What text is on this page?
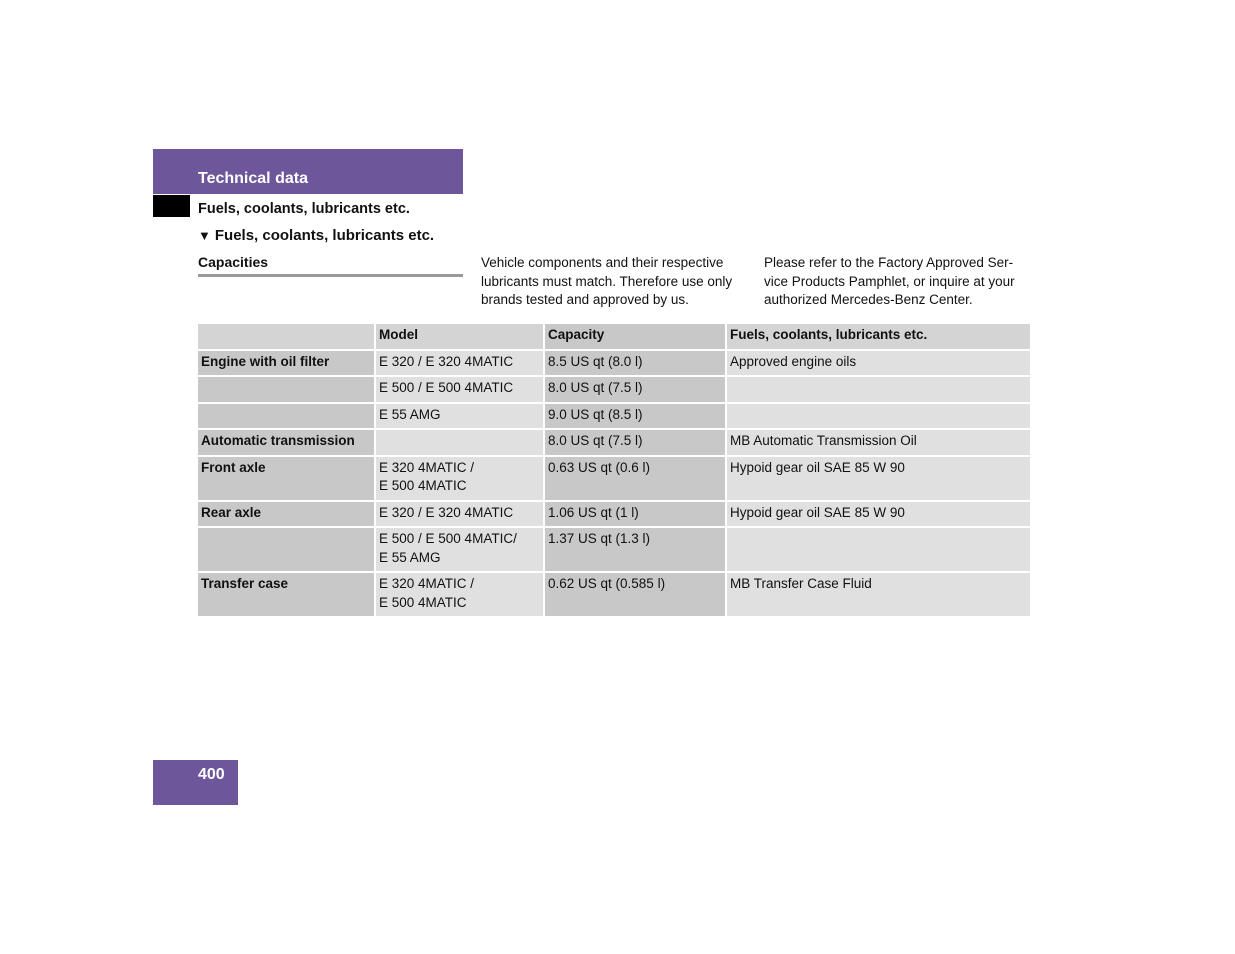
Technical data
Fuels, coolants, lubricants etc.
▼ Fuels, coolants, lubricants etc.
Capacities	Vehicle components and their respective lubricants must match. Therefore use only brands tested and approved by us.
Please refer to the Factory Approved Ser-
vice Products Pamphlet, or inquire at your
authorized Mercedes-Benz Center.
	Model	Capacity	Fuels, coolants, lubricants etc.
Engine with oil filter	E 320 / E 320 4MATIC	8.5 US qt (8.0 l)	Approved engine oils
	E 500 / E 500 4MATIC	8.0 US qt (7.5 l)	
	E 55 AMG	9.0 US qt (8.5 l)	
Automatic transmission		8.0 US qt (7.5 l)	MB Automatic Transmission Oil
Front axle	E 320 4MATIC /
E 500 4MATIC	0.63 US qt (0.6 l)	Hypoid gear oil SAE 85 W 90
Rear axle	E 320 / E 320 4MATIC	1.06 US qt (1 l)	Hypoid gear oil SAE 85 W 90

	E 500 / E 500 4MATIC/
E 55 AMG	1.37 US qt (1.3 l)	
Transfer case	E 320 4MATIC /
E 500 4MATIC	0.62 US qt (0.585 l)	MB Transfer Case Fluid
400
